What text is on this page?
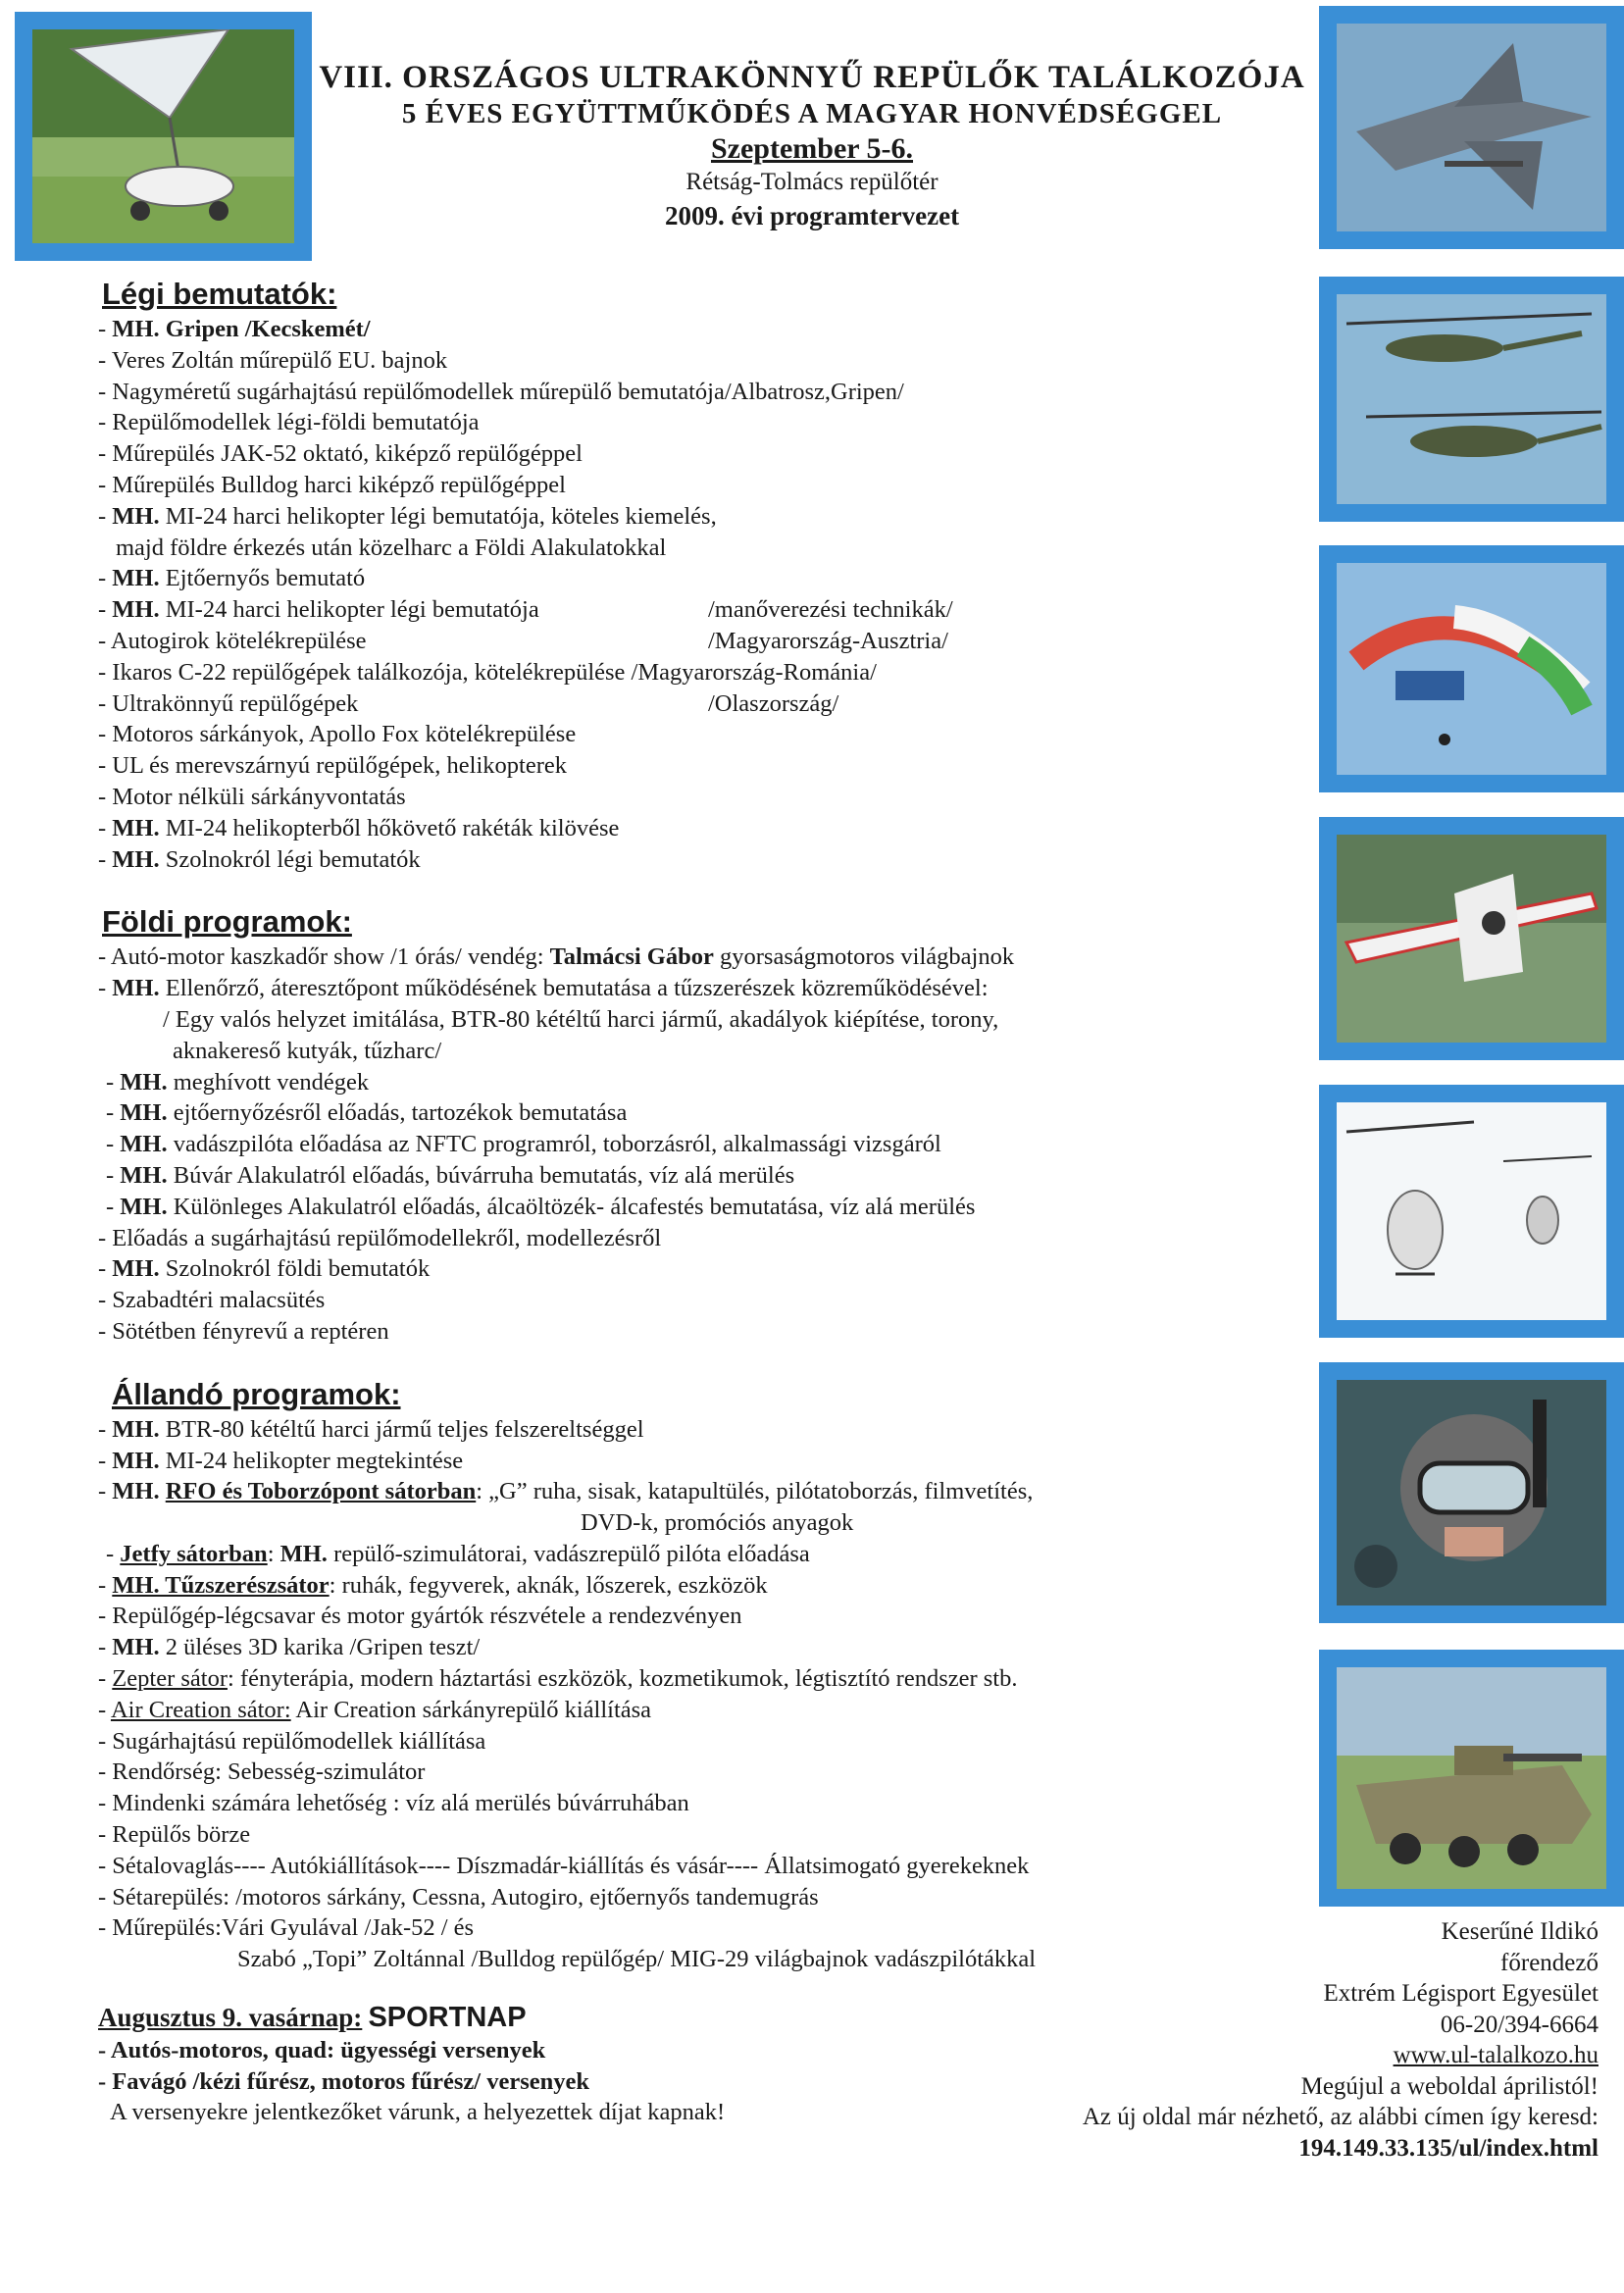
VIII. ORSZÁGOS ULTRAKÖNNYŰ REPÜLŐK TALÁLKOZÓJA
5 ÉVES EGYÜTTMŰKÖDÉS A MAGYAR HONVÉDSÉGGEL
Szeptember 5-6.
Rétság-Tolmács repülőtér
2009. évi programtervezet
Légi bemutatók:
- MH. Gripen /Kecskemét/
- Veres Zoltán műrepülő EU. bajnok
- Nagyméretű sugárhajtású repülőmodellek műrepülő bemutatója/Albatrosz,Gripen/
- Repülőmodellek légi-földi bemutatója
- Műrepülés JAK-52 oktató, kiképző repülőgéppel
- Műrepülés Bulldog harci kiképző repülőgéppel
- MH. MI-24 harci helikopter légi bemutatója, köteles kiemelés,
majd földre érkezés után közelharc a Földi Alakulatokkal
- MH. Ejtőernyős bemutató
- MH. MI-24 harci helikopter légi bemutatója	/manőverezési technikák/
- Autogirok kötelékrepülése	/Magyarország-Ausztria/
- Ikaros C-22 repülőgépek találkozója, kötelékrepülése /Magyarország-Románia/
- Ultrakönnyű repülőgépek	/Olaszország/
- Motoros sárkányok, Apollo Fox kötelékrepülése
- UL és merevszárnyú repülőgépek, helikopterek
- Motor nélküli sárkányvontatás
- MH. MI-24 helikopterből hőkövető rakéták kilövése
- MH. Szolnokról légi bemutatók
Földi programok:
- Autó-motor kaszkadőr show /1 órás/ vendég: Talmácsi Gábor gyorsaságmotoros világbajnok
- MH. Ellenőrző, áteresztőpont működésének bemutatása a tűzszerészek közreműködésével:
/ Egy valós helyzet imitálása, BTR-80 kétéltű harci jármű, akadályok kiépítése, torony,
aknakereső kutyák, tűzharc/
- MH. meghívott vendégek
- MH. ejtőernyőzésről előadás, tartozékok bemutatása
- MH. vadászpilóta előadása az NFTC programról, toborzásról, alkalmassági vizsgáról
- MH. Búvár Alakulatról előadás, búvárruha bemutatás, víz alá merülés
- MH. Különleges Alakulatról előadás, álcaöltözék- álcafestés bemutatása, víz alá merülés
- Előadás a sugárhajtású repülőmodellekről, modellezésről
- MH. Szolnokról földi bemutatók
- Szabadtéri malacsütés
- Sötétben fényrevű a reptéren
Állandó programok:
- MH. BTR-80 kétéltű harci jármű teljes felszereltséggel
- MH. MI-24 helikopter megtekintése
- MH. RFO és Toborzópont sátorban: „G” ruha, sisak, katapultülés, pilótatoborzás, filmvetítés,
DVD-k, promóciós anyagok
- Jetfy sátorban: MH. repülő-szimulátorai, vadászrepülő pilóta előadása
- MH. Tűzszerészsátor: ruhák, fegyverek, aknák, lőszerek, eszközök
- Repülőgép-légcsavar és motor gyártók részvétele a rendezvényen
- MH. 2 üléses 3D karika /Gripen teszt/
- Zepter sátor: fényterápia, modern háztartási eszközök, kozmetikumok, légtisztító rendszer stb.
- Air Creation sátor: Air Creation sárkányrepülő kiállítása
- Sugárhajtású repülőmodellek kiállítása
- Rendőrség: Sebesség-szimulátor
- Mindenki számára lehetőség : víz alá merülés búvárruhában
- Repülős börze
- Sétalovaglás---- Autókiállítások---- Díszmadár-kiállítás és vásár---- Állatsimogató gyerekeknek
- Sétarepülés: /motoros sárkány, Cessna, Autogiro, ejtőernyős tandemugrás
- Műrepülés:Vári Gyulával /Jak-52 / és
Szabó „Topi” Zoltánnal /Bulldog repülőgép/ MIG-29 világbajnok vadászpilótákkal
Augusztus 9. vasárnap: SPORTNAP
- Autós-motoros, quad: ügyességi versenyek
- Favágó /kézi fűrész, motoros fűrész/ versenyek
A versenyekre jelentkezőket várunk, a helyezettek díjat kapnak!
Keserűné Ildikó
főrendező
Extrém Légisport Egyesület
06-20/394-6664
www.ul-talalkozo.hu
Megújul a weboldal áprilistól!
Az új oldal már nézhető, az alábbi címen így keresd:
194.149.33.135/ul/index.html
